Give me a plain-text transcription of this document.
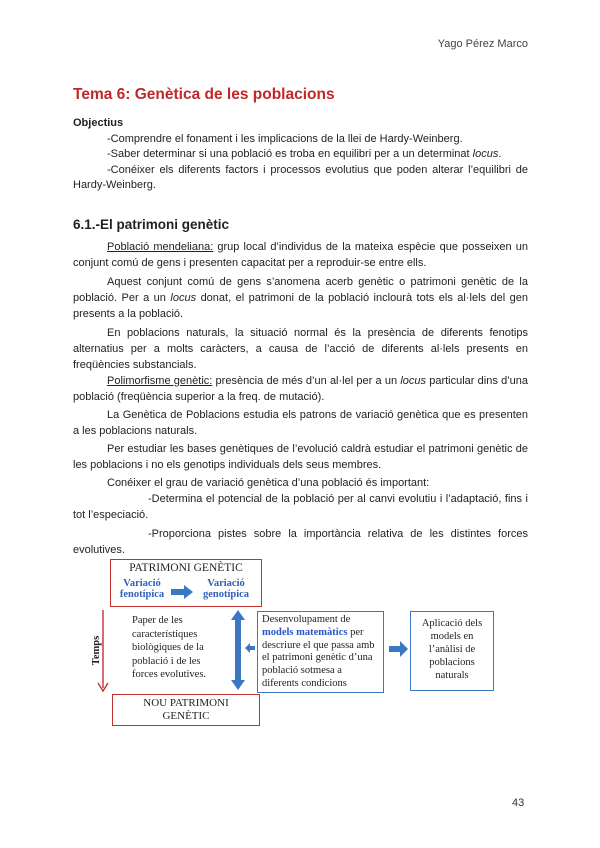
Yago Pérez Marco
Tema 6: Genètica de les poblacions
Objectius
-Comprendre el fonament i les implicacions de la llei de Hardy-Weinberg.
-Saber determinar si una població es troba en equilibri per a un determinat locus.
-Conéixer els diferents factors i processos evolutius que poden alterar l’equilibri de Hardy-Weinberg.
6.1.-El patrimoni genètic
Població mendeliana: grup local d’individus de la mateixa espècie que posseixen un conjunt comú de gens i presenten capacitat per a reproduir-se entre ells.
Aquest conjunt comú de gens s’anomena acerb genètic o patrimoni genètic de la població. Per a un locus donat, el patrimoni de la població inclourà tots els al·lels del gen presents a la població.
En poblacions naturals, la situació normal és la presència de diferents fenotips alternatius per a molts caràcters, a causa de l’acció de diferents al·lels presents en freqüències substancials.
Polimorfisme genètic: presència de més d’un al·lel per a un locus particular dins d’una població (freqüència superior a la freq. de mutació).
La Genètica de Poblacions estudia els patrons de variació genètica que es presenten a les poblacions naturals.
Per estudiar les bases genètiques de l’evolució caldrà estudiar el patrimoni genètic de les poblacions i no els genotips individuals dels seus membres.
Conéixer el grau de variació genètica d’una població és important:
-Determina el potencial de la població per al canvi evolutiu i l’adaptació, fins i tot l’especiació.
-Proporciona pistes sobre la importància relativa de les distintes forces evolutives.
PATRIMONI GENÈTIC
Variació
fenotípica
Variació
genotípica
Temps
Paper de les característiques biològiques de la població i de les forces evolutives.
NOU PATRIMONI
GENÈTIC
Desenvolupament de models matemàtics per descriure el que passa amb el patrimoni genètic d’una població sotmesa a diferents condicions
Aplicació dels
models en
l’anàlisi de
poblacions
naturals
43
